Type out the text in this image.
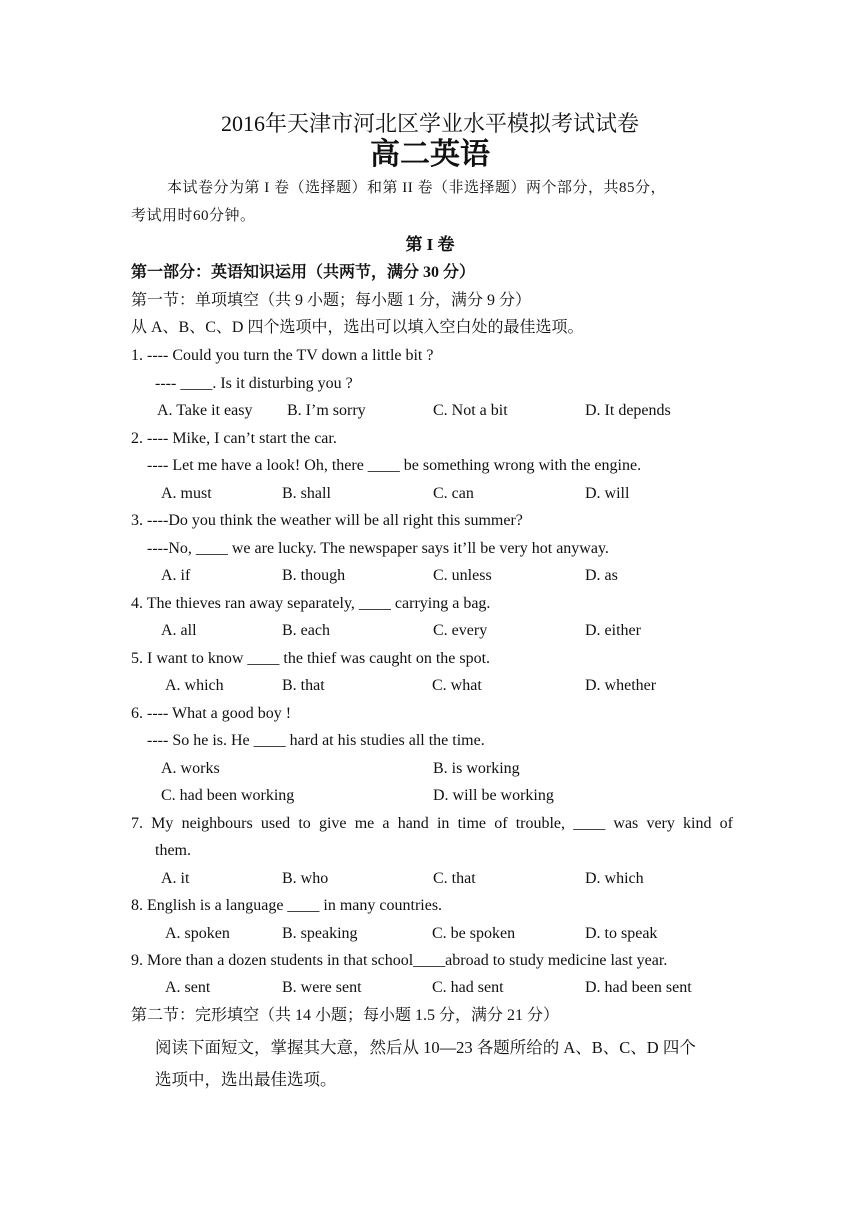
2016年天津市河北区学业水平模拟考试试卷
高二英语
本试卷分为第 I 卷（选择题）和第 II 卷（非选择题）两个部分，共85分，
考试用时60分钟。
第 I 卷
第一部分：英语知识运用（共两节，满分 30 分）
第一节：单项填空（共 9 小题；每小题 1 分，满分 9 分）
从 A、B、C、D 四个选项中，选出可以填入空白处的最佳选项。
1. ---- Could you turn the TV down a little bit ?
---- ____. Is it disturbing you ?
A. Take it easy B. I’m sorry	C. Not a bit	D. It depends
2. ---- Mike, I can’t start the car.
---- Let me have a look! Oh, there ____ be something wrong with the engine.
A. must	B. shall	C. can	D. will
3. ----Do you think the weather will be all right this summer?
----No, ____ we are lucky. The newspaper says it’ll be very hot anyway.
A. if	B. though	C. unless	D. as
4. The thieves ran away separately, ____ carrying a bag.
A. all	B. each	C. every	D. either
5. I want to know ____ the thief was caught on the spot.
A. which	B. that	C. what	D. whether
6. ---- What a good boy !
---- So he is. He ____ hard at his studies all the time.
A. works	B. is working
C. had been working	D. will be working
7. My neighbours used to give me a hand in time of trouble, ____ was very kind of
them.
A. it	B. who	C. that	D. which
8. English is a language ____ in many countries.
A. spoken	B. speaking	C. be spoken	D. to speak
9. More than a dozen students in that school____abroad to study medicine last year.
A. sent	B. were sent	C. had sent	D. had been sent
第二节：完形填空（共 14 小题；每小题 1.5 分，满分 21 分）
阅读下面短文，掌握其大意，然后从 10—23 各题所给的 A、B、C、D 四个
选项中，选出最佳选项。
